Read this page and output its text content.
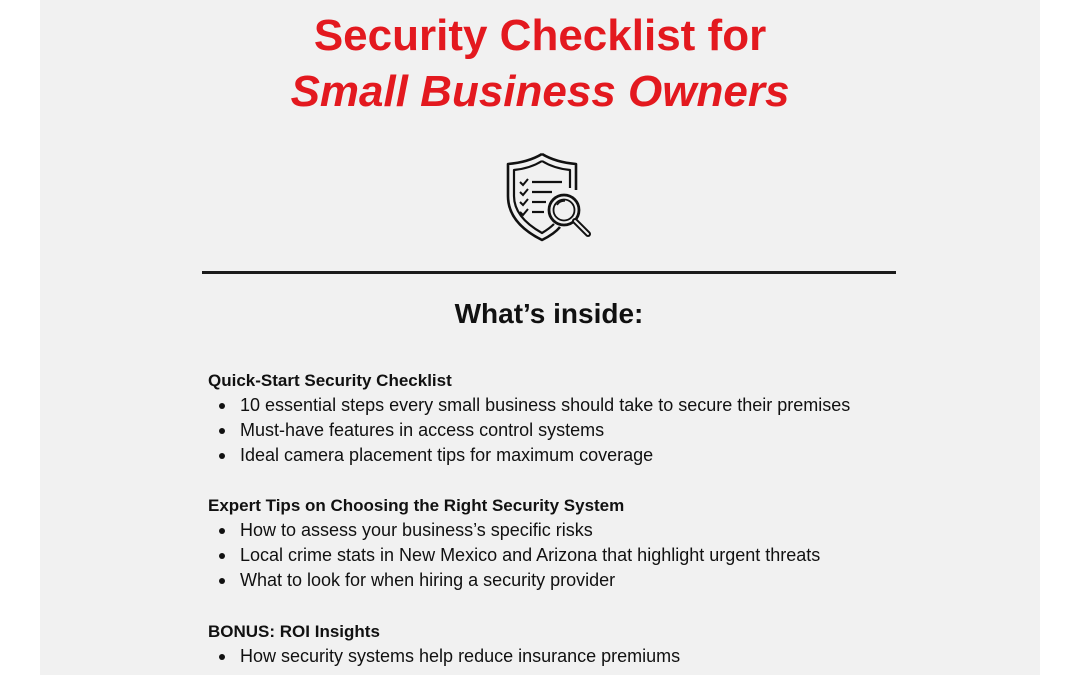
Security Checklist for
Small Business Owners
What’s inside:
Quick-Start Security Checklist
10 essential steps every small business should take to secure their premises
Must-have features in access control systems
Ideal camera placement tips for maximum coverage
Expert Tips on Choosing the Right Security System
How to assess your business’s specific risks
Local crime stats in New Mexico and Arizona that highlight urgent threats
What to look for when hiring a security provider
BONUS: ROI Insights
How security systems help reduce insurance premiums
